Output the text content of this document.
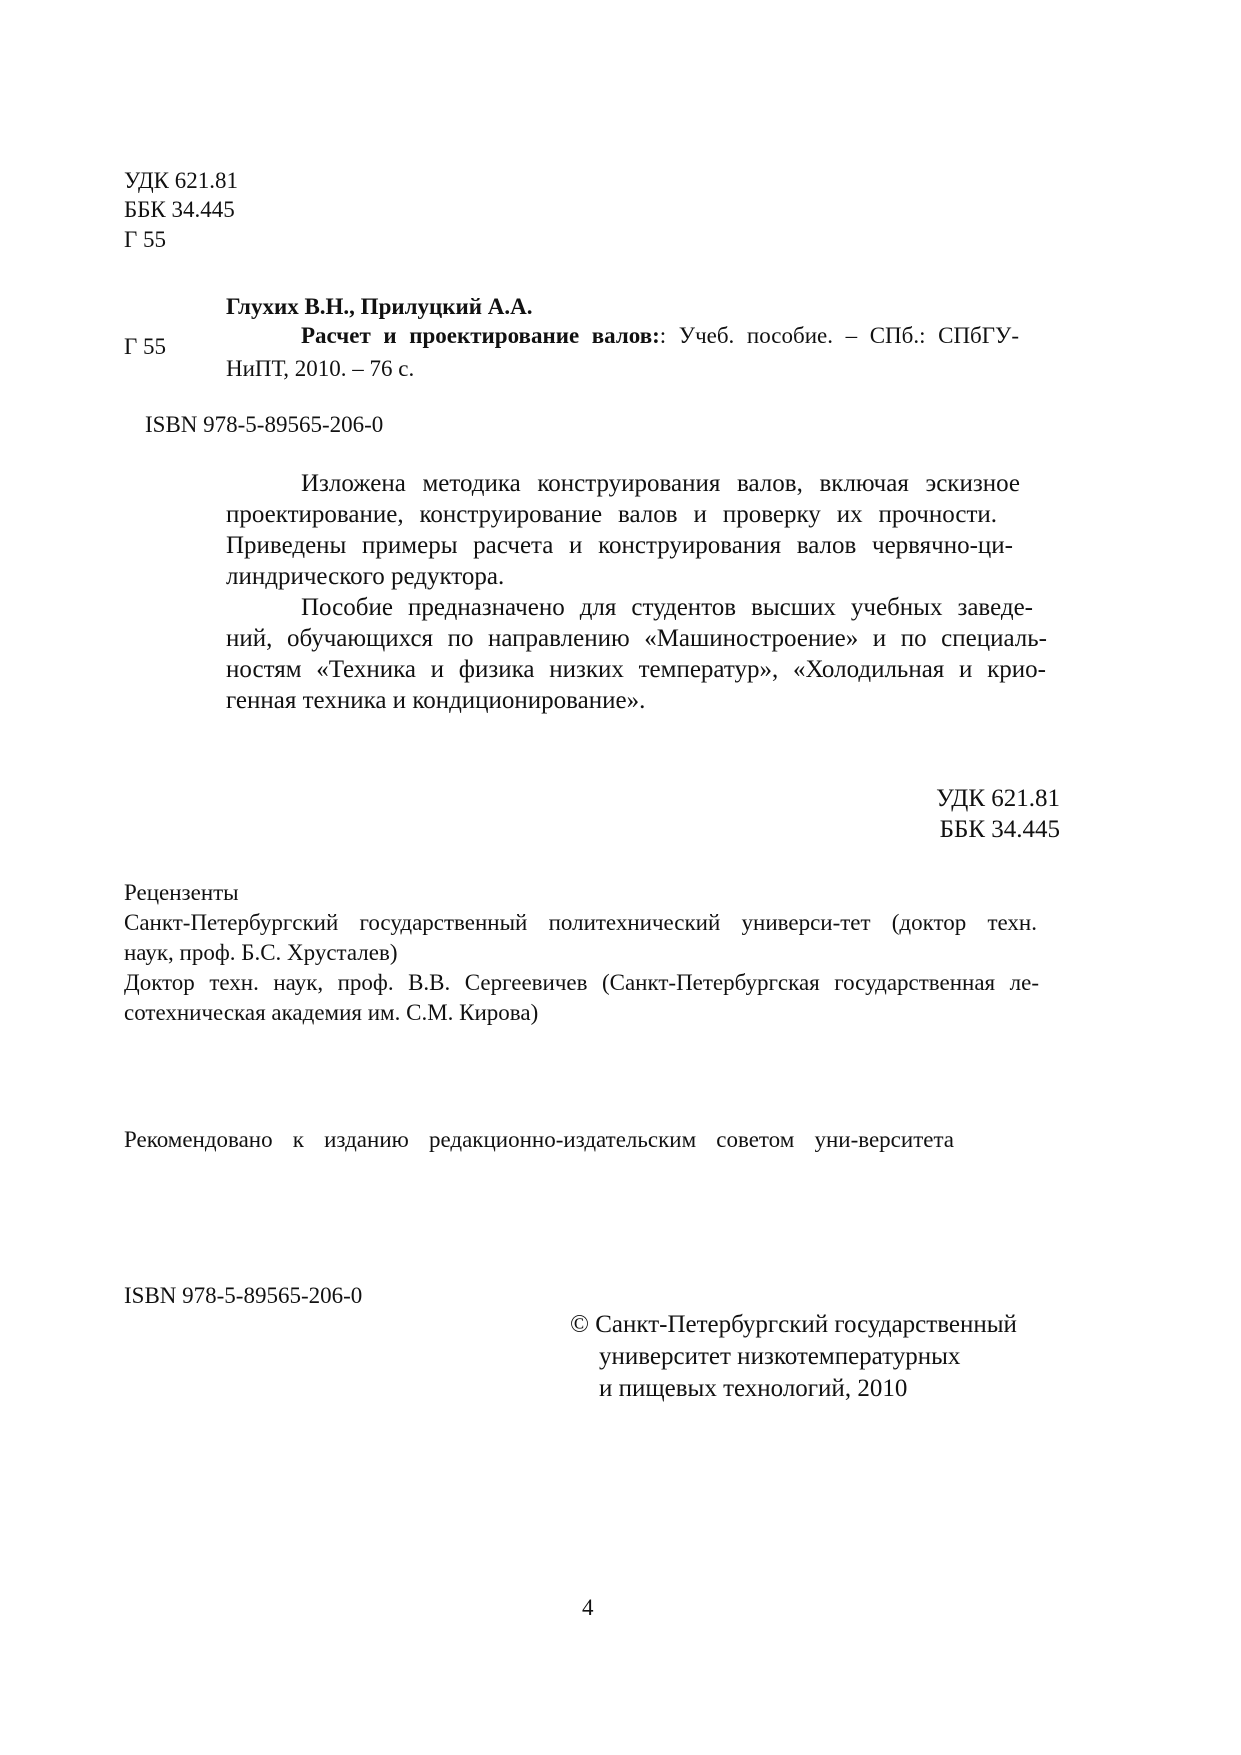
УДК 621.81
ББК 34.445
Г 55
Глухих В.Н., Прилуцкий А.А.
Г 55	Расчет и проектирование валов:: Учеб. пособие. – СПб.: СПбГУ-
НиПТ, 2010. – 76 с.
ISBN 978-5-89565-206-0
Изложена методика конструирования валов, включая эскизное
проектирование, конструирование валов и проверку их прочности.
Приведены примеры расчета и конструирования валов червячно-ци-
линдрического редуктора.
Пособие предназначено для студентов высших учебных заведе-
ний, обучающихся по направлению «Машиностроение» и по специаль-
ностям «Техника и физика низких температур», «Холодильная и крио-
генная техника и кондиционирование».
УДК 621.81
ББК 34.445
Рецензенты
Санкт-Петербургский государственный политехнический универси-тет (доктор техн.
наук, проф. Б.С. Хрусталев)
Доктор техн. наук, проф. В.В. Сергеевичев (Санкт-Петербургская государственная ле-
сотехническая академия им. С.М. Кирова)
Рекомендовано к изданию редакционно-издательским советом уни-верситета
ISBN 978-5-89565-206-0
© Санкт-Петербургский государственный
университет низкотемпературных
и пищевых технологий, 2010
4
